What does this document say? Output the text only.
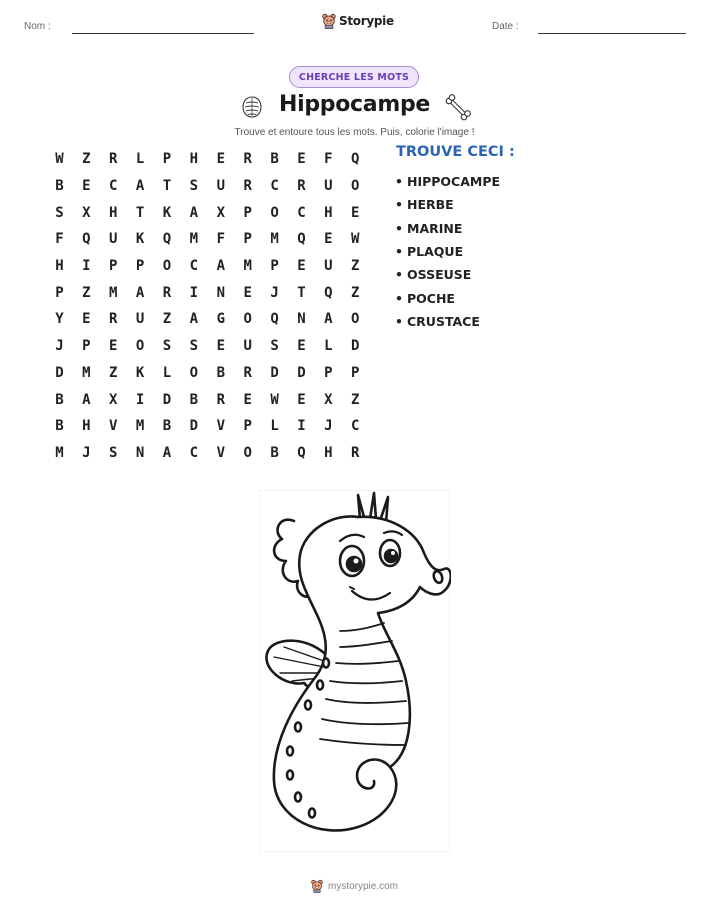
Nom :	Storypie	Date :
CHERCHE LES MOTS
Hippocampe
Trouve et entoure tous les mots. Puis, colorie l'image !
W	Z	R	L	P	H	E	R	B	E	F	Q
B	E	C	A	T	S	U	R	C	R	U	O
S	X	H	T	K	A	X	P	O	C	H	E
F	Q	U	K	Q	M	F	P	M	Q	E	W
H	I	P	P	O	C	A	M	P	E	U	Z
P	Z	M	A	R	I	N	E	J	T	Q	Z
Y	E	R	U	Z	A	G	O	Q	N	A	O
J	P	E	O	S	S	E	U	S	E	L	D
D	M	Z	K	L	O	B	R	D	D	P	P
B	A	X	I	D	B	R	E	W	E	X	Z
B	H	V	M	B	D	V	P	L	I	J	C
M	J	S	N	A	C	V	O	B	Q	H	R
TROUVE CECI :
• HIPPOCAMPE
• HERBE
• MARINE
• PLAQUE
• OSSEUSE
• POCHE
• CRUSTACE
mystorypie.com
